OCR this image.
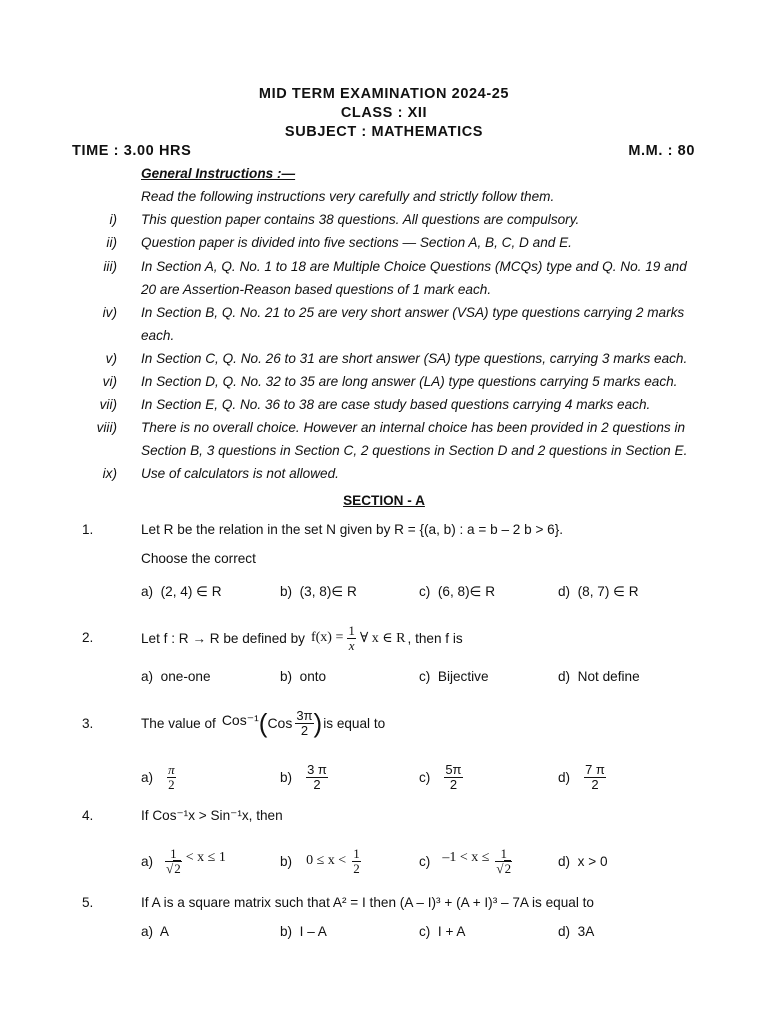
MID TERM EXAMINATION 2024-25
CLASS : XII
SUBJECT : MATHEMATICS
TIME : 3.00 HRS	M.M. : 80
General Instructions :—
Read the following instructions very carefully and strictly follow them.
i) This question paper contains 38 questions. All questions are compulsory.
ii) Question paper is divided into five sections — Section A, B, C, D and E.
iii) In Section A, Q. No. 1 to 18 are Multiple Choice Questions (MCQs) type and Q. No. 19 and
20 are Assertion-Reason based questions of 1 mark each.
iv) In Section B, Q. No. 21 to 25 are very short answer (VSA) type questions carrying 2 marks
each.
v) In Section C, Q. No. 26 to 31 are short answer (SA) type questions, carrying 3 marks each.
vi) In Section D, Q. No. 32 to 35 are long answer (LA) type questions carrying 5 marks each.
vii) In Section E, Q. No. 36 to 38 are case study based questions carrying 4 marks each.
viii) There is no overall choice. However an internal choice has been provided in 2 questions in
Section B, 3 questions in Section C, 2 questions in Section D and 2 questions in Section E.
ix) Use of calculators is not allowed.
SECTION - A
1.	Let R be the relation in the set N given by R = {(a, b) : a = b – 2 b > 6}.
Choose the correct
a) (2, 4) ∈ R	b) (3, 8)∈ R	c) (6, 8)∈ R	d) (8, 7) ∈ R
2.	Let f : R → R be defined by $f(x) = \frac{1}{x}$ ∀ x ∈ R , then f is
a) one-one	b) onto	c) Bijective	d) Not define
3.	The value of Cos⁻¹ ( Cos $\frac{3\pi}{2}$ ) is equal to
$a) \frac{\pi}{2}$	$b) \frac{3 \pi}{2}$	$c) \frac{5\pi}{2}$	$d) \frac{7 \pi}{2}$
4.	If Cos⁻¹x > Sin⁻¹x, then
$a) \frac{1}{√2} < x \le 1$	b) $0 \le x < \frac{1}{2}$	c) $-1 < x \le \frac{1}{√2}$	d) x > 0
5.	If A is a square matrix such that A² = I then (A – I)³ + (A + I)³ – 7A is equal to
a) A	b) I – A	c) I + A	d) 3A
